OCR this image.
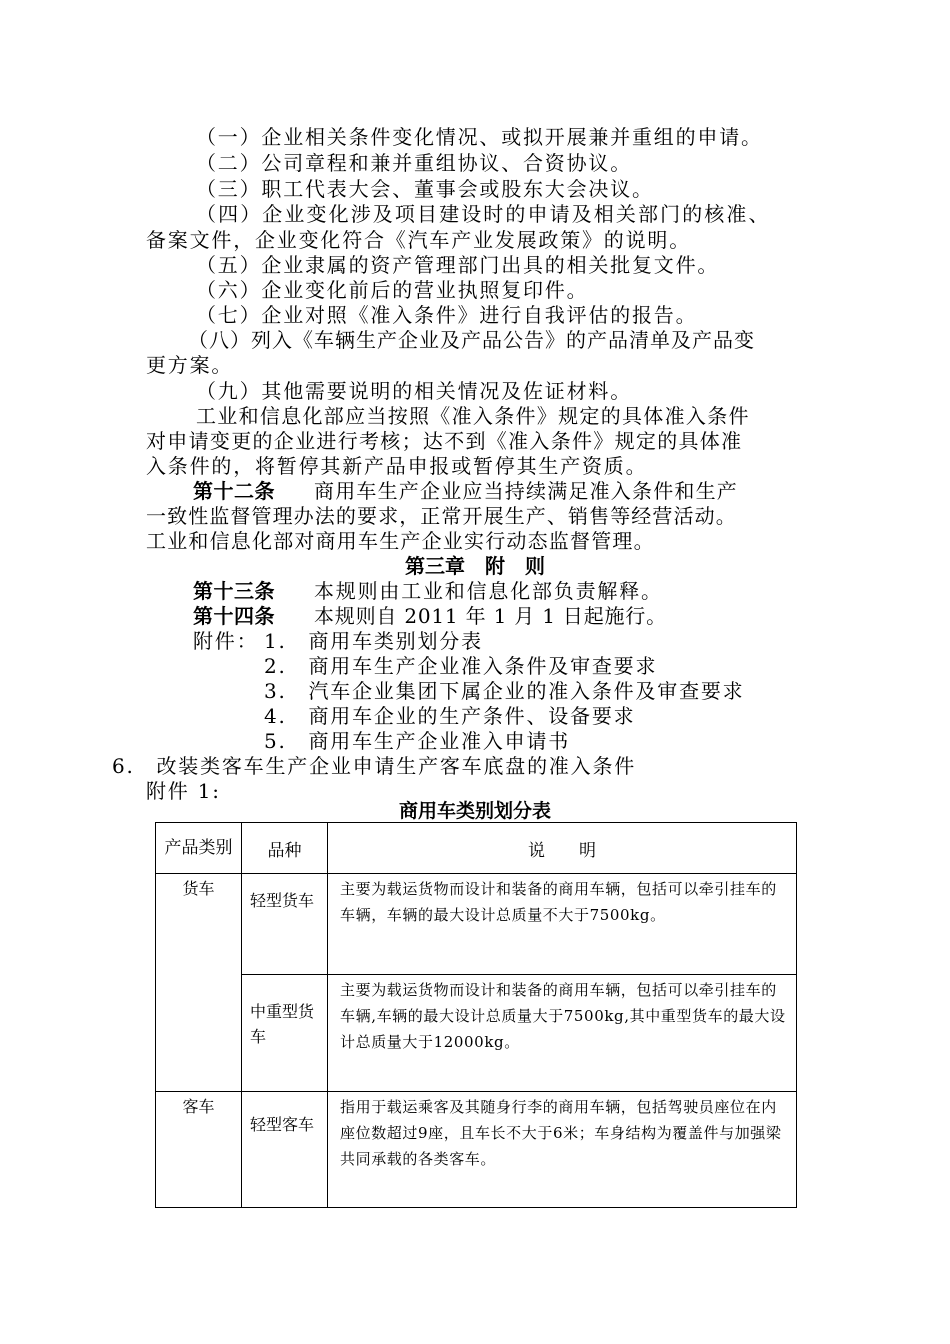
（一）企业相关条件变化情况、或拟开展兼并重组的申请。
（二）公司章程和兼并重组协议、合资协议。
（三）职工代表大会、董事会或股东大会决议。
（四）企业变化涉及项目建设时的申请及相关部门的核准、
备案文件，企业变化符合《汽车产业发展政策》的说明。
（五）企业隶属的资产管理部门出具的相关批复文件。
（六）企业变化前后的营业执照复印件。
（七）企业对照《准入条件》进行自我评估的报告。
（八）列入《车辆生产企业及产品公告》的产品清单及产品变
更方案。
（九）其他需要说明的相关情况及佐证材料。
工业和信息化部应当按照《准入条件》规定的具体准入条件
对申请变更的企业进行考核；达不到《准入条件》规定的具体准
入条件的，将暂停其新产品申报或暂停其生产资质。
第十二条 商用车生产企业应当持续满足准入条件和生产
一致性监督管理办法的要求，正常开展生产、销售等经营活动。
工业和信息化部对商用车生产企业实行动态监督管理。
第三章　附　则
第十三条 本规则由工业和信息化部负责解释。
第十四条 本规则自 2011 年 1 月 1 日起施行。
附件： 1.　商用车类别划分表
2.　商用车生产企业准入条件及审查要求
3.　汽车企业集团下属企业的准入条件及审查要求
4.　商用车企业的生产条件、设备要求
5.　商用车生产企业准入申请书
6.　改装类客车生产企业申请生产客车底盘的准入条件
附件 1:
商用车类别划分表
产品类别	品种	说　　明
货车	轻型货车	主要为载运货物而设计和装备的商用车辆，包括可以牵引挂车的车辆，车辆的最大设计总质量不大于7500kg。
	中重型货车	主要为载运货物而设计和装备的商用车辆，包括可以牵引挂车的车辆,车辆的最大设计总质量大于7500kg,其中重型货车的最大设计总质量大于12000kg。
客车	轻型客车	指用于载运乘客及其随身行李的商用车辆，包括驾驶员座位在内座位数超过9座，且车长不大于6米；车身结构为覆盖件与加强梁共同承载的各类客车。
